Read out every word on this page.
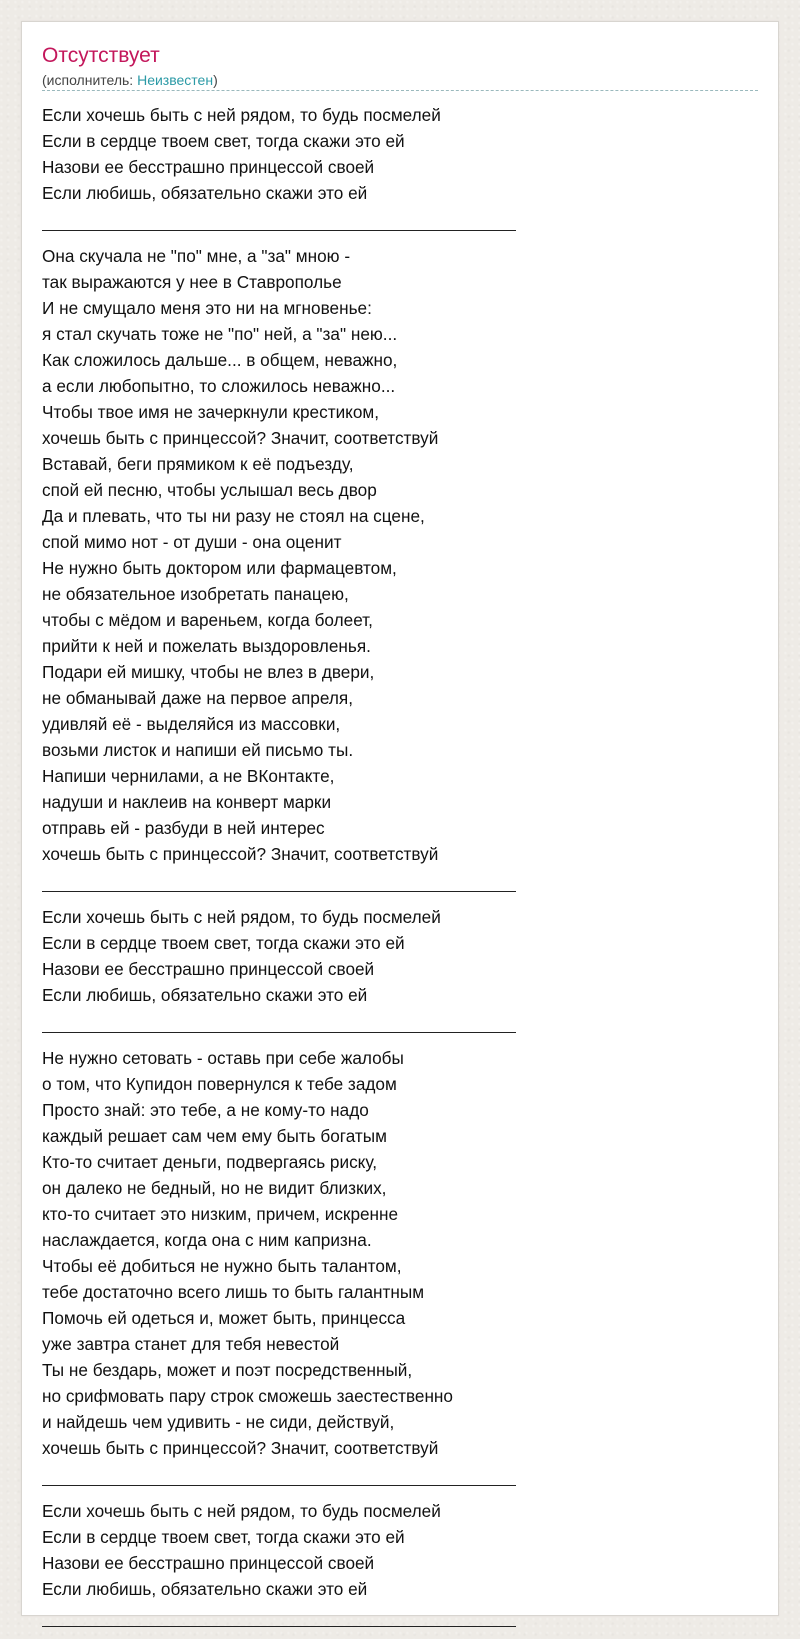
Отсутствует
(исполнитель: Неизвестен)
Если хочешь быть с ней рядом, то будь посмелей
Если в сердце твоем свет, тогда скажи это ей
Назови ее бесстрашно принцессой своей
Если любишь, обязательно скажи это ей
Она скучала не "по" мне, а "за" мною -
так выражаются у нее в Ставрополье
И не смущало меня это ни на мгновенье:
я стал скучать тоже не "по" ней, а "за" нею...
Как сложилось дальше... в общем, неважно,
а если любопытно, то сложилось неважно...
Чтобы твое имя не зачеркнули крестиком,
хочешь быть с принцессой? Значит, соответствуй
Вставай, беги прямиком к её подъезду,
спой ей песню, чтобы услышал весь двор
Да и плевать, что ты ни разу не стоял на сцене,
спой мимо нот - от души - она оценит
Не нужно быть доктором или фармацевтом,
не обязательное изобретать панацею,
чтобы с мёдом и вареньем, когда болеет,
прийти к ней и пожелать выздоровленья.
Подари ей мишку, чтобы не влез в двери,
не обманывай даже на первое апреля,
удивляй её - выделяйся из массовки,
возьми листок и напиши ей письмо ты.
Напиши чернилами, а не ВКонтакте,
надуши и наклеив на конверт марки
отправь ей - разбуди в ней интерес
хочешь быть с принцессой? Значит, соответствуй
Если хочешь быть с ней рядом, то будь посмелей
Если в сердце твоем свет, тогда скажи это ей
Назови ее бесстрашно принцессой своей
Если любишь, обязательно скажи это ей
Не нужно сетовать - оставь при себе жалобы
о том, что Купидон повернулся к тебе задом
Просто знай: это тебе, а не кому-то надо
каждый решает сам чем ему быть богатым
Кто-то считает деньги, подвергаясь риску,
он далеко не бедный, но не видит близких,
кто-то считает это низким, причем, искренне
наслаждается, когда она с ним капризна.
Чтобы её добиться не нужно быть талантом,
тебе достаточно всего лишь то быть галантным
Помочь ей одеться и, может быть, принцесса
уже завтра станет для тебя невестой
Ты не бездарь, может и поэт посредственный,
но срифмовать пару строк сможешь заестественно
и найдешь чем удивить - не сиди, действуй,
хочешь быть с принцессой? Значит, соответствуй
Если хочешь быть с ней рядом, то будь посмелей
Если в сердце твоем свет, тогда скажи это ей
Назови ее бесстрашно принцессой своей
Если любишь, обязательно скажи это ей
